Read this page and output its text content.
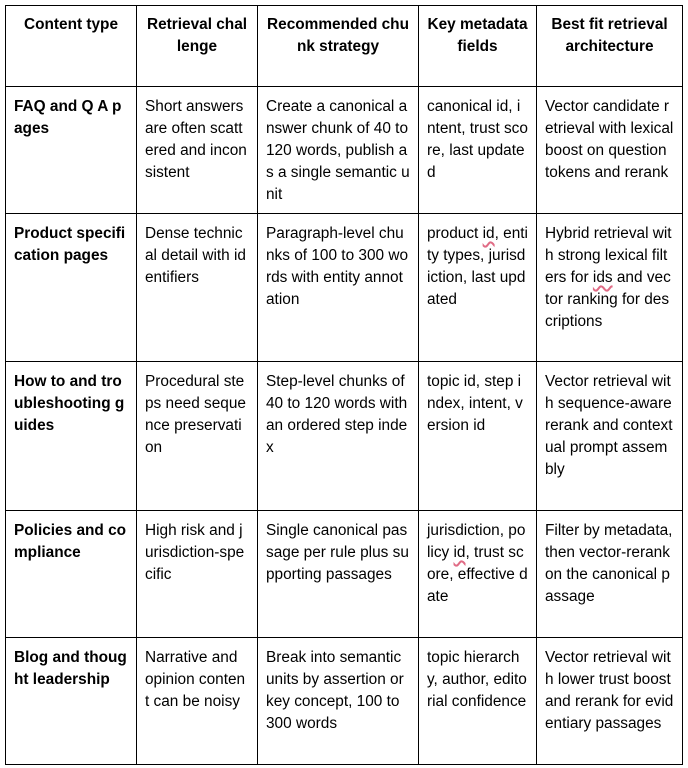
Content type	Retrieval challenge	Recommended chunk strategy	Key metadata fields	Best fit retrieval architecture
FAQ and Q A pages	Short answers are often scattered and inconsistent	Create a canonical answer chunk of 40 to 120 words, publish as a single semantic unit	canonical id, intent, trust score, last updated	Vector candidate retrieval with lexical boost on question tokens and rerank
Product specification pages	Dense technical detail with identifiers	Paragraph-level chunks of 100 to 300 words with entity annotation	product id, entity types, jurisdiction, last updated	Hybrid retrieval with strong lexical filters for ids and vector ranking for descriptions
How to and troubleshooting guides	Procedural steps need sequence preservation	Step-level chunks of 40 to 120 words with an ordered step index	topic id, step index, intent, version id	Vector retrieval with sequence-aware rerank and contextual prompt assembly
Policies and compliance	High risk and jurisdiction-specific	Single canonical passage per rule plus supporting passages	jurisdiction, policy id, trust score, effective date	Filter by metadata, then vector-rerank on the canonical passage
Blog and thought leadership	Narrative and opinion content can be noisy	Break into semantic units by assertion or key concept, 100 to 300 words	topic hierarchy, author, editorial confidence	Vector retrieval with lower trust boost and rerank for evidentiary passages
